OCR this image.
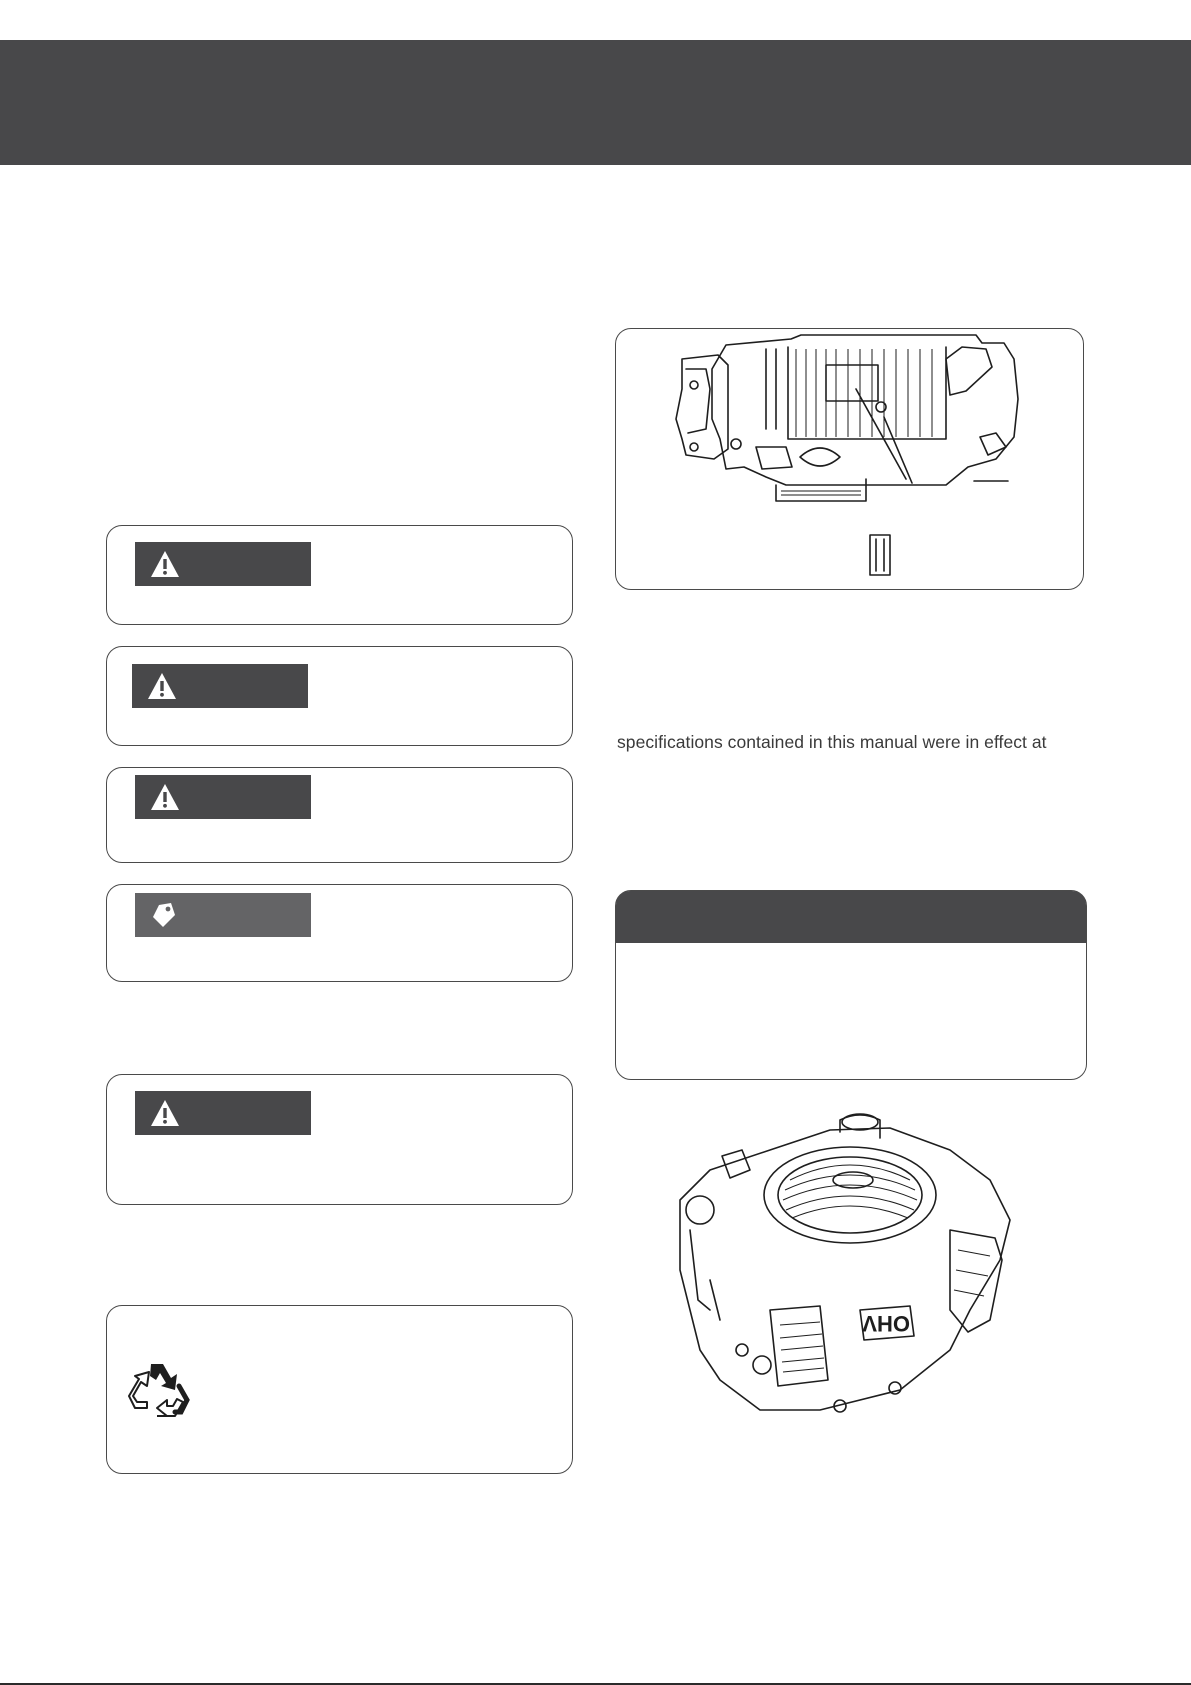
specifications contained in this manual were in effect at
OHV
